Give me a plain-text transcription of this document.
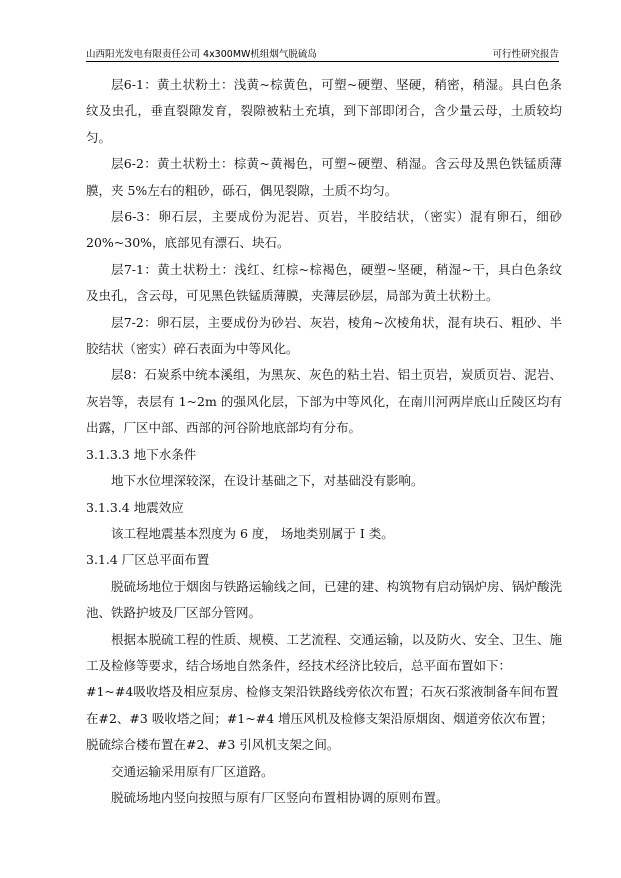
山西阳光发电有限责任公司 4x300MW机组烟气脱硫岛	可行性研究报告

层6-1：黄土状粉土：浅黄~棕黄色，可塑~硬塑、坚硬，稍密，稍湿。具白色条纹及虫孔，垂直裂隙发育，裂隙被粘土充填，到下部即闭合，含少量云母，土质较均匀。

层6-2：黄土状粉土：棕黄~黄褐色，可塑~硬塑、稍湿。含云母及黑色铁锰质薄膜，夹 5%左右的粗砂，砾石，偶见裂隙，土质不均匀。

层6-3：卵石层，主要成份为泥岩、页岩，半胶结状，（密实）混有卵石，细砂20%~30%，底部见有漂石、块石。

层7-1：黄土状粉土：浅红、红棕~棕褐色，硬塑~坚硬，稍湿~干，具白色条纹及虫孔，含云母，可见黑色铁锰质薄膜，夹薄层砂层，局部为黄土状粉土。

层7-2：卵石层，主要成份为砂岩、灰岩，棱角~次棱角状，混有块石、粗砂、半胶结状（密实）碎石表面为中等风化。

层8：石炭系中统本溪组，为黑灰、灰色的粘土岩、铝土页岩，炭质页岩、泥岩、灰岩等，表层有 1~2m 的强风化层，下部为中等风化，在南川河两岸底山丘陵区均有出露，厂区中部、西部的河谷阶地底部均有分布。

3.1.3.3 地下水条件

地下水位埋深较深，在设计基础之下，对基础没有影响。

3.1.3.4 地震效应

该工程地震基本烈度为 6 度， 场地类别属于 I 类。

3.1.4 厂区总平面布置

脱硫场地位于烟囱与铁路运输线之间，已建的建、构筑物有启动锅炉房、锅炉酸洗池、铁路护坡及厂区部分管网。

根据本脱硫工程的性质、规模、工艺流程、交通运输，以及防火、安全、卫生、施工及检修等要求，结合场地自然条件，经技术经济比较后，总平面布置如下：

#1~#4吸收塔及相应泵房、检修支架沿铁路线旁依次布置；石灰石浆液制备车间布置在#2、#3 吸收塔之间；#1~#4 增压风机及检修支架沿原烟囱、烟道旁依次布置；脱硫综合楼布置在#2、#3 引风机支架之间。

交通运输采用原有厂区道路。

脱硫场地内竖向按照与原有厂区竖向布置相协调的原则布置。
